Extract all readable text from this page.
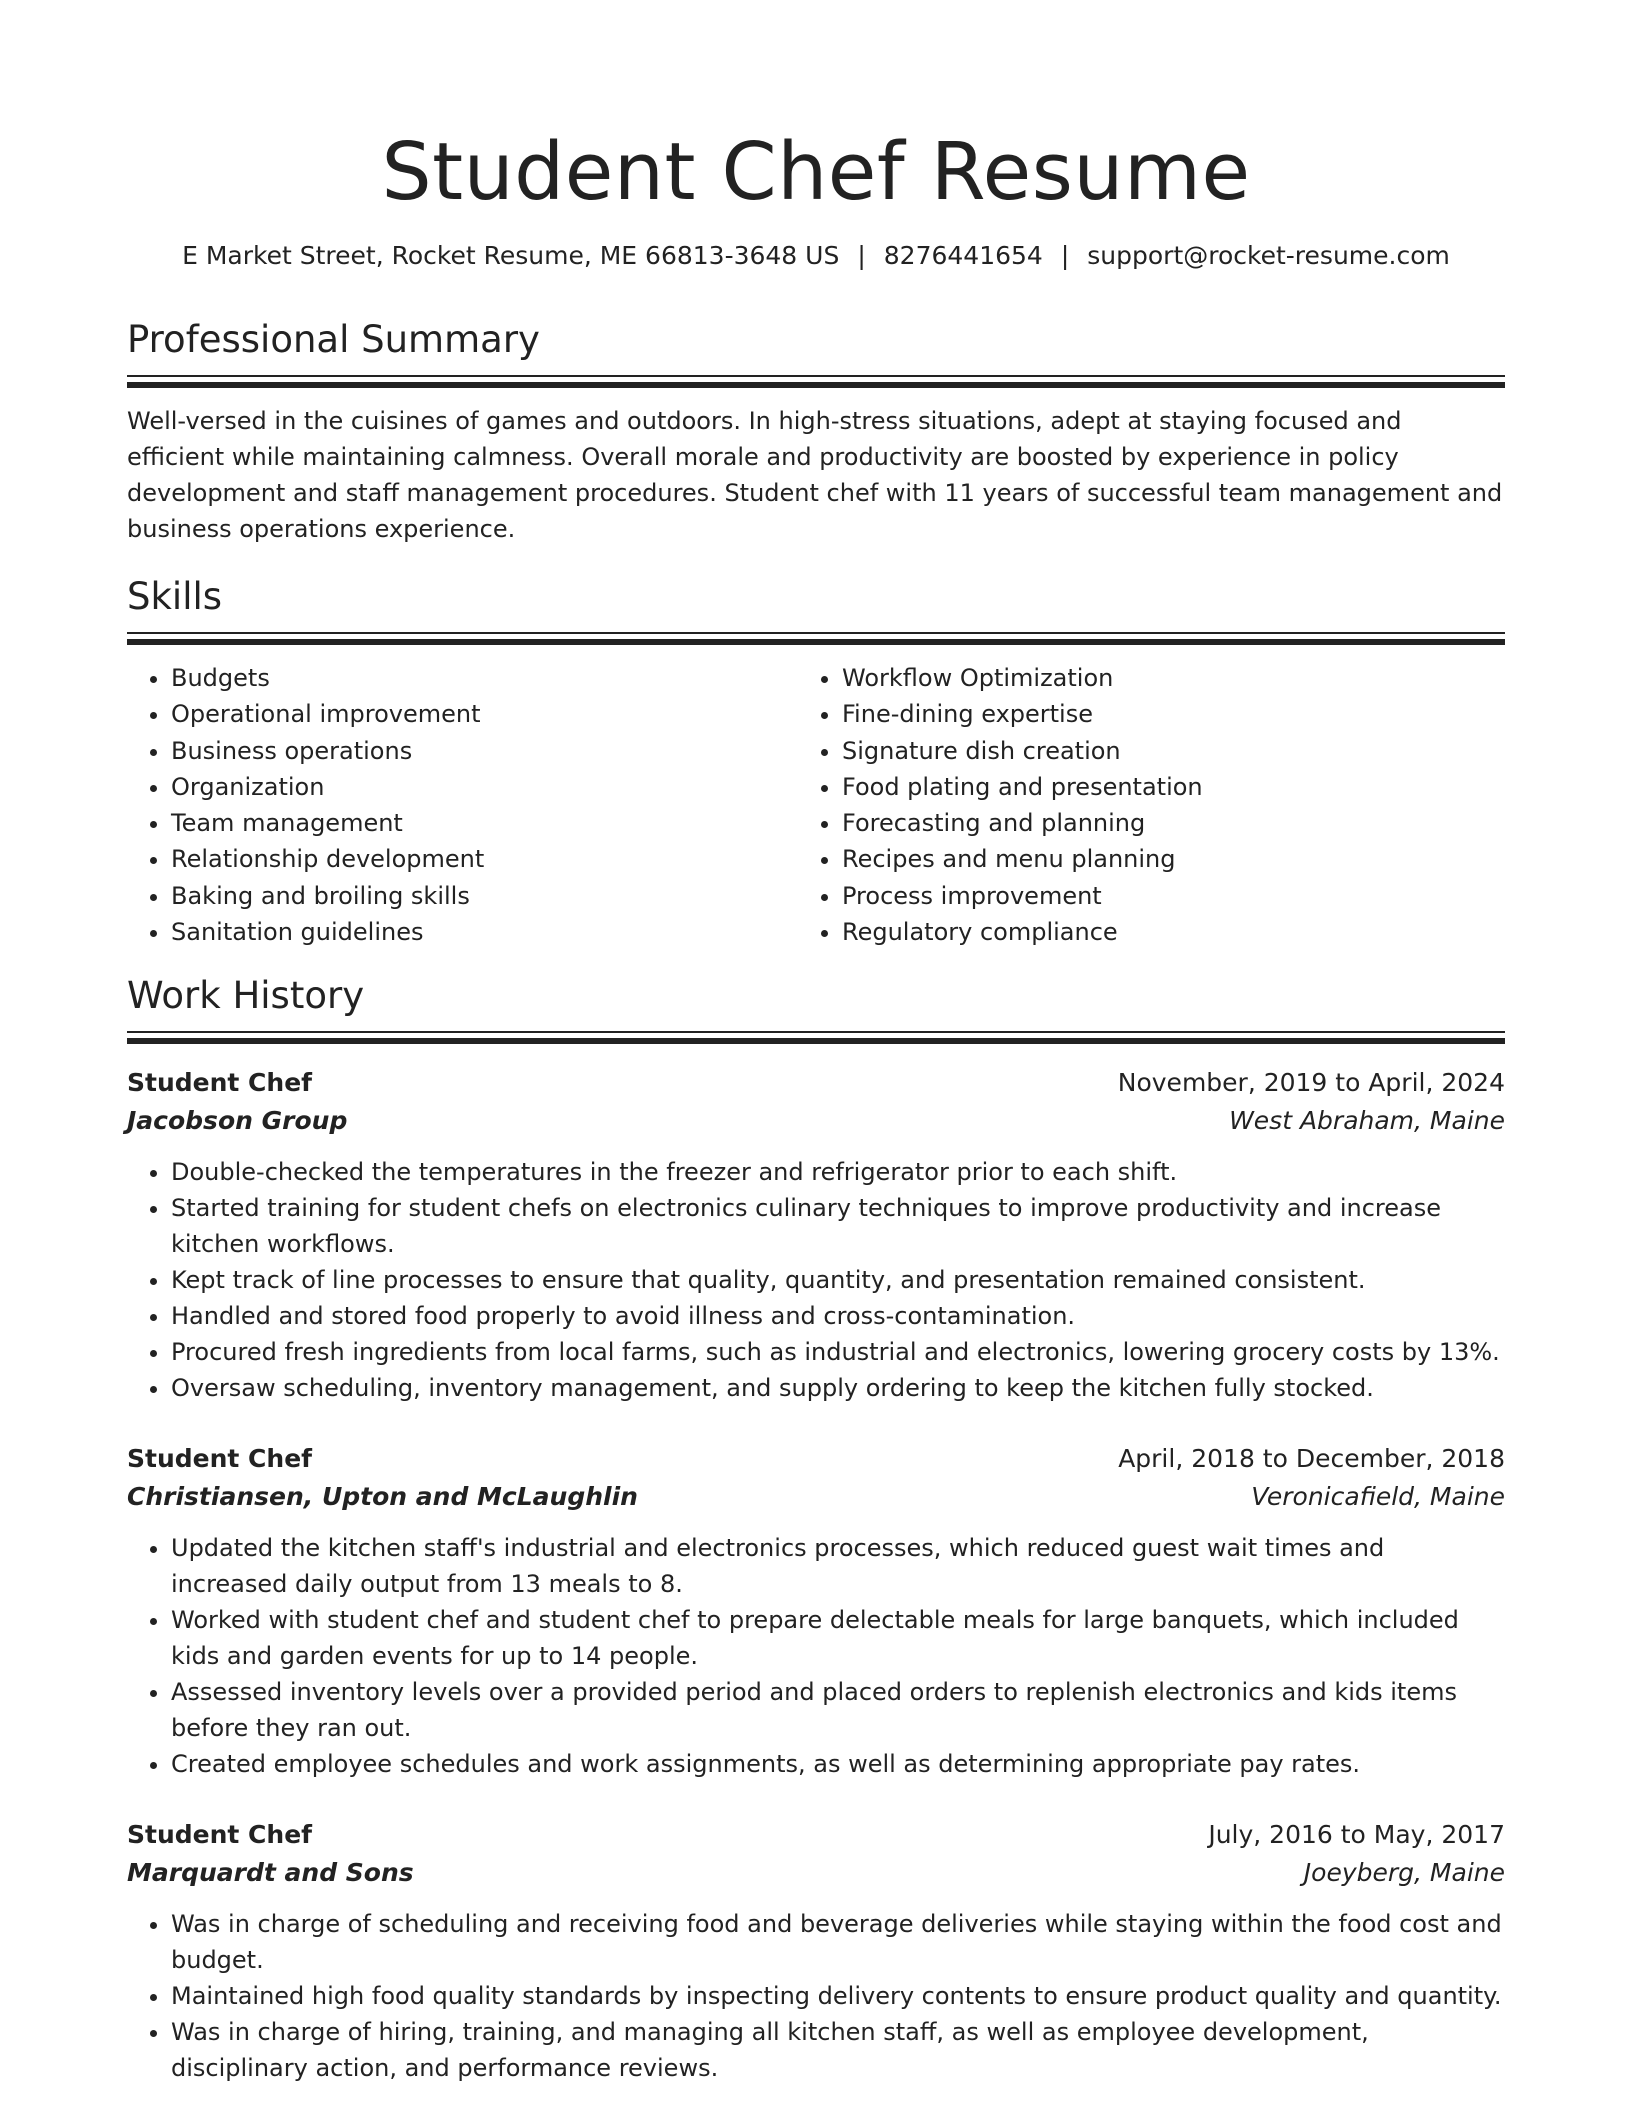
Student Chef Resume
E Market Street, Rocket Resume, ME 66813-3648 US | 8276441654 | support@rocket-resume.com
Professional Summary
Well-versed in the cuisines of games and outdoors. In high-stress situations, adept at staying focused and efficient while maintaining calmness. Overall morale and productivity are boosted by experience in policy development and staff management procedures. Student chef with 11 years of successful team management and business operations experience.
Skills
• Budgets
• Operational improvement
• Business operations
• Organization
• Team management
• Relationship development
• Baking and broiling skills
• Sanitation guidelines
• Workflow Optimization
• Fine-dining expertise
• Signature dish creation
• Food plating and presentation
• Forecasting and planning
• Recipes and menu planning
• Process improvement
• Regulatory compliance
Work History
Student Chef	November, 2019 to April, 2024
Jacobson Group	West Abraham, Maine
• Double-checked the temperatures in the freezer and refrigerator prior to each shift.
• Started training for student chefs on electronics culinary techniques to improve productivity and increase kitchen workflows.
• Kept track of line processes to ensure that quality, quantity, and presentation remained consistent.
• Handled and stored food properly to avoid illness and cross-contamination.
• Procured fresh ingredients from local farms, such as industrial and electronics, lowering grocery costs by 13%.
• Oversaw scheduling, inventory management, and supply ordering to keep the kitchen fully stocked.
Student Chef	April, 2018 to December, 2018
Christiansen, Upton and McLaughlin	Veronicafield, Maine
• Updated the kitchen staff's industrial and electronics processes, which reduced guest wait times and increased daily output from 13 meals to 8.
• Worked with student chef and student chef to prepare delectable meals for large banquets, which included kids and garden events for up to 14 people.
• Assessed inventory levels over a provided period and placed orders to replenish electronics and kids items before they ran out.
• Created employee schedules and work assignments, as well as determining appropriate pay rates.
Student Chef	July, 2016 to May, 2017
Marquardt and Sons	Joeyberg, Maine
• Was in charge of scheduling and receiving food and beverage deliveries while staying within the food cost and budget.
• Maintained high food quality standards by inspecting delivery contents to ensure product quality and quantity.
• Was in charge of hiring, training, and managing all kitchen staff, as well as employee development, disciplinary action, and performance reviews.
